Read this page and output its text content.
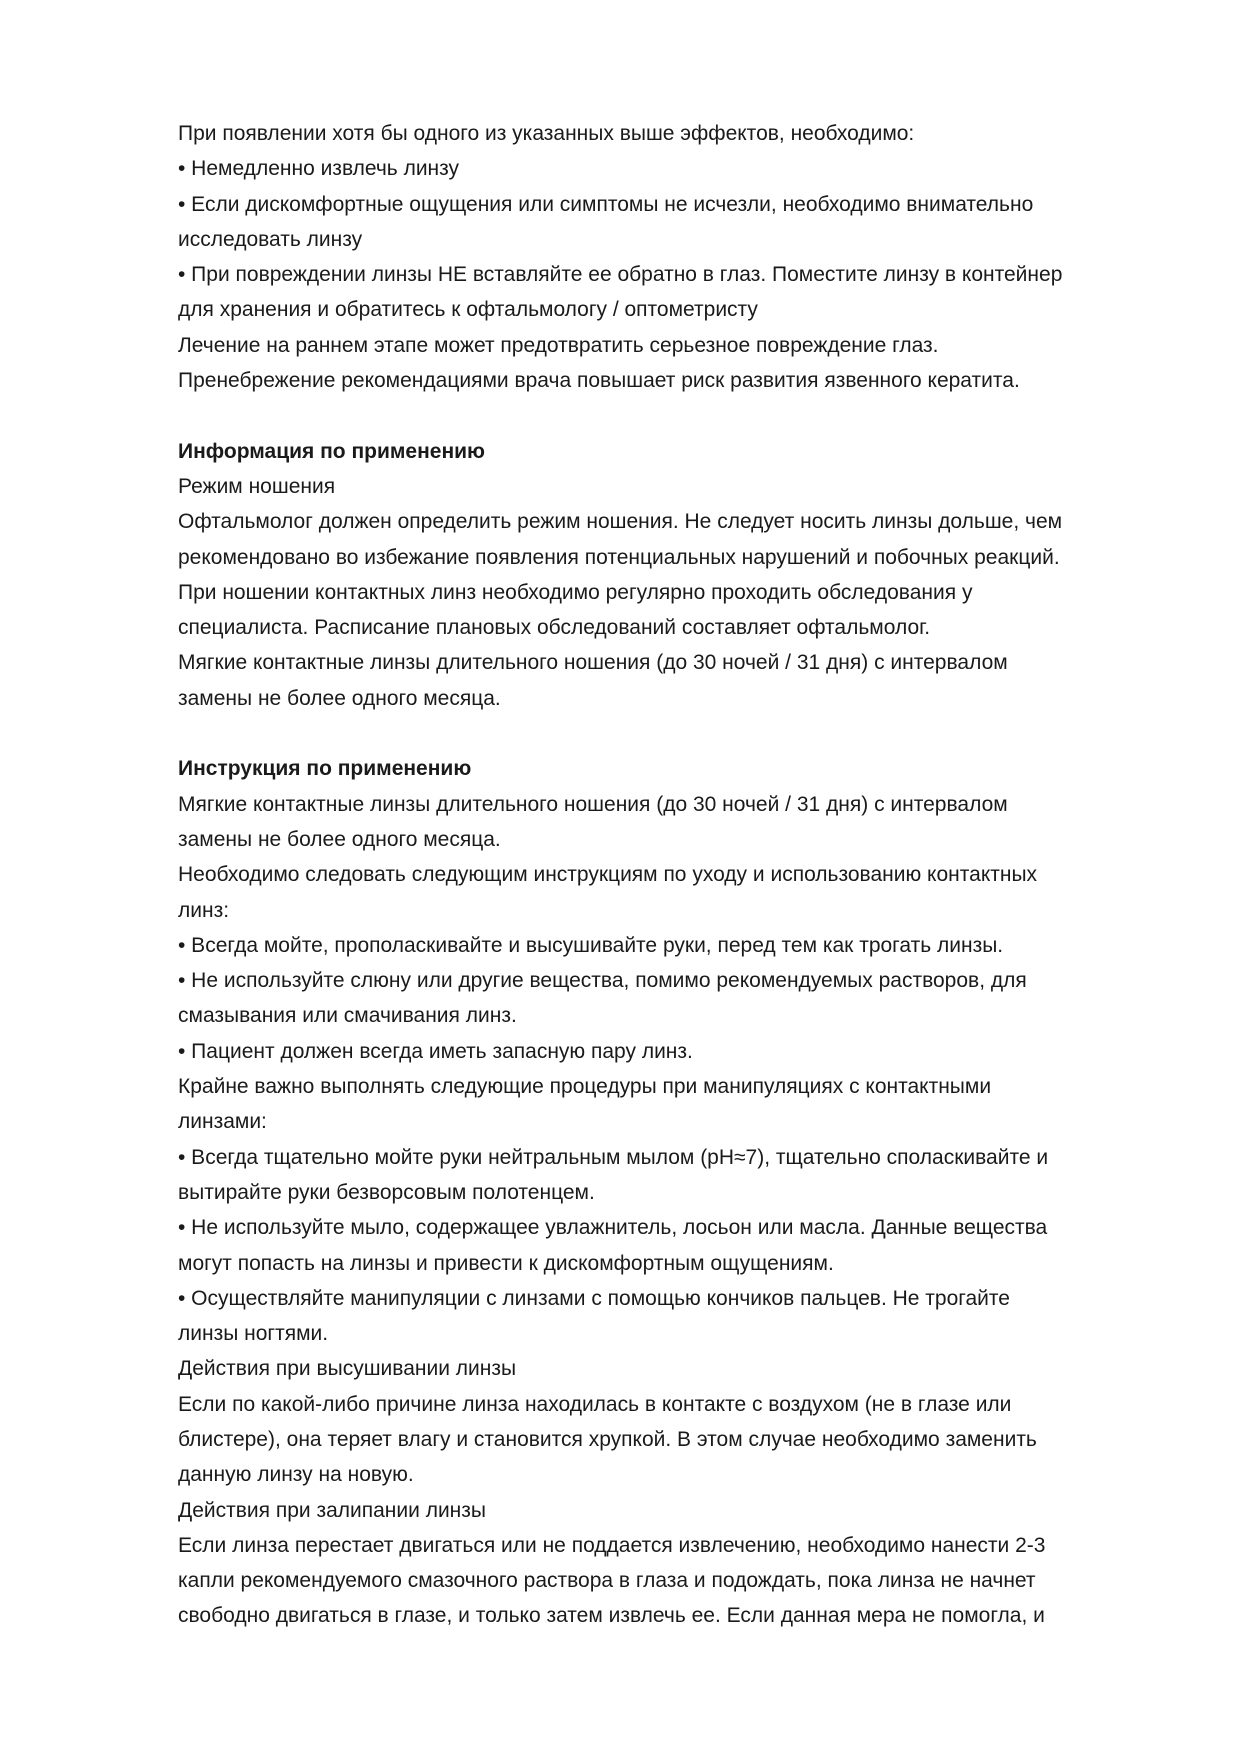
При появлении хотя бы одного из указанных выше эффектов, необходимо:

• Немедленно извлечь линзу

• Если дискомфортные ощущения или симптомы не исчезли, необходимо внимательно

исследовать линзу

• При повреждении линзы НЕ вставляйте ее обратно в глаз. Поместите линзу в контейнер

для хранения и обратитесь к офтальмологу / оптометристу

Лечение на раннем этапе может предотвратить серьезное повреждение глаз.

Пренебрежение рекомендациями врача повышает риск развития язвенного кератита.

Информация по применению

Режим ношения

Офтальмолог должен определить режим ношения. Не следует носить линзы дольше, чем

рекомендовано во избежание появления потенциальных нарушений и побочных реакций.

При ношении контактных линз необходимо регулярно проходить обследования у

специалиста. Расписание плановых обследований составляет офтальмолог.

Мягкие контактные линзы длительного ношения (до 30 ночей / 31 дня) с интервалом

замены не более одного месяца.

Инструкция по применению

Мягкие контактные линзы длительного ношения (до 30 ночей / 31 дня) с интервалом

замены не более одного месяца.

Необходимо следовать следующим инструкциям по уходу и использованию контактных

линз:

• Всегда мойте, прополаскивайте и высушивайте руки, перед тем как трогать линзы.

• Не используйте слюну или другие вещества, помимо рекомендуемых растворов, для

смазывания или смачивания линз.

• Пациент должен всегда иметь запасную пару линз.

Крайне важно выполнять следующие процедуры при манипуляциях с контактными

линзами:

• Всегда тщательно мойте руки нейтральным мылом (pH≈7), тщательно споласкивайте и

вытирайте руки безворсовым полотенцем.

• Не используйте мыло, содержащее увлажнитель, лосьон или масла. Данные вещества

могут попасть на линзы и привести к дискомфортным ощущениям.

• Осуществляйте манипуляции с линзами с помощью кончиков пальцев. Не трогайте

линзы ногтями.

Действия при высушивании линзы

Если по какой-либо причине линза находилась в контакте с воздухом (не в глазе или

блистере), она теряет влагу и становится хрупкой. В этом случае необходимо заменить

данную линзу на новую.

Действия при залипании линзы

Если линза перестает двигаться или не поддается извлечению, необходимо нанести 2-3

капли рекомендуемого смазочного раствора в глаза и подождать, пока линза не начнет

свободно двигаться в глазе, и только затем извлечь ее. Если данная мера не помогла, и
